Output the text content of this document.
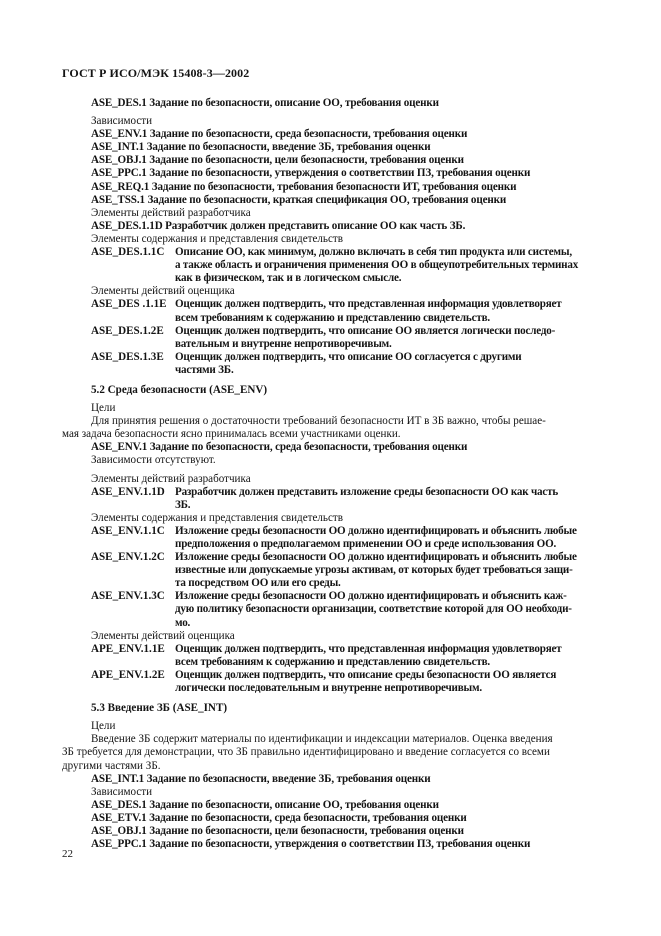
ГОСТ Р ИСО/МЭК 15408-3—2002
ASE_DES.1 Задание по безопасности, описание ОО, требования оценки
Зависимости
ASE_ENV.1 Задание по безопасности, среда безопасности, требования оценки
ASE_INT.1 Задание по безопасности, введение ЗБ, требования оценки
ASE_OBJ.1 Задание по безопасности, цели безопасности, требования оценки
ASE_PPC.1 Задание по безопасности, утверждения о соответствии ПЗ, требования оценки
ASE_REQ.1 Задание по безопасности, требования безопасности ИТ, требования оценки
ASE_TSS.1 Задание по безопасности, краткая спецификация ОО, требования оценки
Элементы действий разработчика
ASE_DES.1.1D Разработчик должен представить описание ОО как часть ЗБ.
Элементы содержания и представления свидетельств
ASE_DES.1.1C Описание ОО, как минимум, должно включать в себя тип продукта или системы,
а также область и ограничения применения ОО в общеупотребительных терминах
как в физическом, так и в логическом смысле.
Элементы действий оценщика
ASE_DES .1.1E Оценщик должен подтвердить, что представленная информация удовлетворяет
всем требованиям к содержанию и представлению свидетельств.
ASE_DES.1.2E	Оценщик должен подтвердить, что описание ОО является логически последо-
вательным и внутренне непротиворечивым.
ASE_DES.1.3E	Оценщик должен подтвердить, что описание ОО согласуется с другими
частями ЗБ.
5.2 Среда безопасности (ASE_ENV)
Цели
Для принятия решения о достаточности требований безопасности ИТ в ЗБ важно, чтобы решае-
мая задача безопасности ясно принималась всеми участниками оценки.
ASE_ENV.1 Задание по безопасности, среда безопасности, требования оценки
Зависимости отсутствуют.
Элементы действий разработчика
ASE_ENV.1.1D Разработчик должен представить изложение среды безопасности ОО как часть
ЗБ.
Элементы содержания и представления свидетельств
ASE_ENV.1.1C Изложение среды безопасности ОО должно идентифицировать и объяснить любые
предположения о предполагаемом применении ОО и среде использования ОО.
ASE_ENV.1.2C Изложение среды безопасности ОО должно идентифицировать и объяснить любые
известные или допускаемые угрозы активам, от которых будет требоваться защи-
та посредством ОО или его среды.
ASE_ENV.1.3C Изложение среды безопасности ОО должно идентифицировать и объяснить каж-
дую политику безопасности организации, соответствие которой для ОО необходи-
мо.
Элементы действий оценщика
APE_ENV.1.1E Оценщик должен подтвердить, что представленная информация удовлетворяет
всем требованиям к содержанию и представлению свидетельств.
APE_ENV.1.2E Оценщик должен подтвердить, что описание среды безопасности ОО является
логически последовательным и внутренне непротиворечивым.
5.3 Введение ЗБ (ASE_INT)
Цели
Введение ЗБ содержит материалы по идентификации и индексации материалов. Оценка введения
ЗБ требуется для демонстрации, что ЗБ правильно идентифицировано и введение согласуется со всеми
другими частями ЗБ.
ASE_INT.1 Задание по безопасности, введение ЗБ, требования оценки
Зависимости
ASE_DES.1 Задание по безопасности, описание ОО, требования оценки
ASE_ETV.1 Задание по безопасности, среда безопасности, требования оценки
ASE_OBJ.1 Задание по безопасности, цели безопасности, требования оценки
ASE_PPC.1 Задание по безопасности, утверждения о соответствии ПЗ, требования оценки
22
